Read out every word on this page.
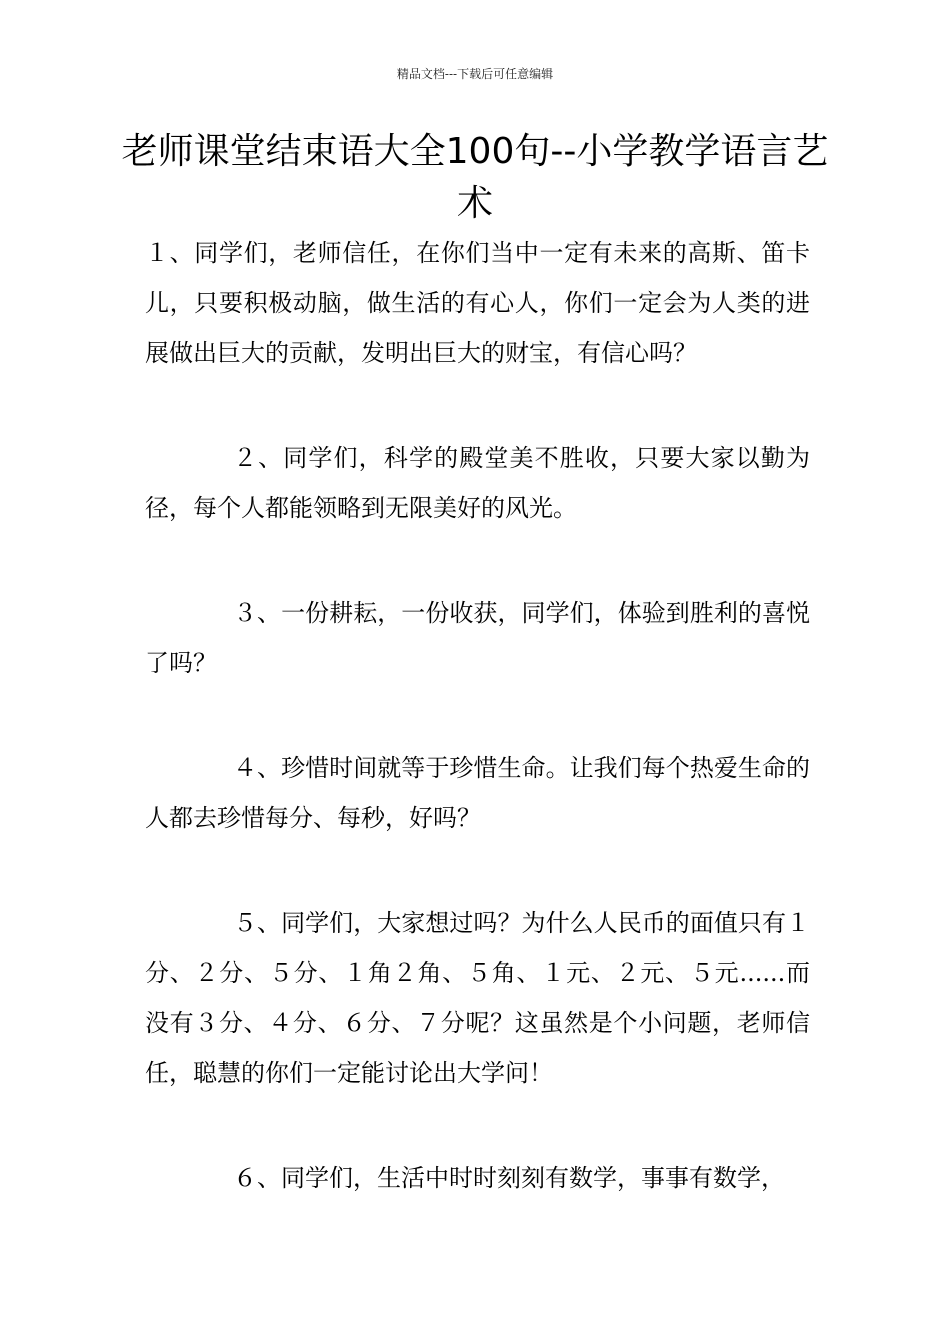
精品文档---下载后可任意编辑
老师课堂结束语大全100句--小学教学语言艺术

１、同学们，老师信任，在你们当中一定有未来的高斯、笛卡儿，只要积极动脑，做生活的有心人，你们一定会为人类的进展做出巨大的贡献，发明出巨大的财宝，有信心吗？

２、同学们，科学的殿堂美不胜收，只要大家以勤为径，每个人都能领略到无限美好的风光。

３、一份耕耘，一份收获，同学们，体验到胜利的喜悦了吗？

４、珍惜时间就等于珍惜生命。让我们每个热爱生命的人都去珍惜每分、每秒，好吗？

５、同学们，大家想过吗？为什么人民币的面值只有１分、２分、５分、１角２角、５角、１元、２元、５元......而没有３分、４分、６分、７分呢？这虽然是个小问题，老师信任，聪慧的你们一定能讨论出大学问！

６、同学们，生活中时时刻刻有数学，事事有数学，
